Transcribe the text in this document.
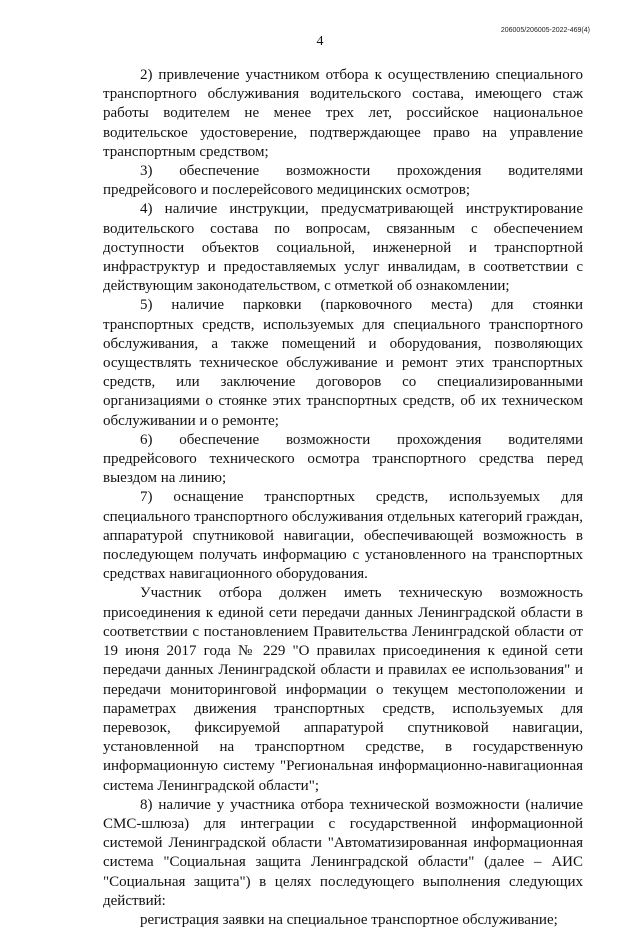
4
206005/206005-2022-469(4)

2) привлечение участником отбора к осуществлению специального транспортного обслуживания водительского состава, имеющего стаж работы водителем не менее трех лет, российское национальное водительское удостоверение, подтверждающее право на управление транспортным средством;

3) обеспечение возможности прохождения водителями предрейсового и послерейсового медицинских осмотров;

4) наличие инструкции, предусматривающей инструктирование водительского состава по вопросам, связанным с обеспечением доступности объектов социальной, инженерной и транспортной инфраструктур и предоставляемых услуг инвалидам, в соответствии с действующим законодательством, с отметкой об ознакомлении;

5) наличие парковки (парковочного места) для стоянки транспортных средств, используемых для специального транспортного обслуживания, а также помещений и оборудования, позволяющих осуществлять техническое обслуживание и ремонт этих транспортных средств, или заключение договоров со специализированными организациями о стоянке этих транспортных средств, об их техническом обслуживании и о ремонте;

6) обеспечение возможности прохождения водителями предрейсового технического осмотра транспортного средства перед выездом на линию;

7) оснащение транспортных средств, используемых для специального транспортного обслуживания отдельных категорий граждан, аппаратурой спутниковой навигации, обеспечивающей возможность в последующем получать информацию с установленного на транспортных средствах навигационного оборудования.

Участник отбора должен иметь техническую возможность присоединения к единой сети передачи данных Ленинградской области в соответствии с постановлением Правительства Ленинградской области от 19 июня 2017 года № 229 "О правилах присоединения к единой сети передачи данных Ленинградской области и правилах ее использования" и передачи мониторинговой информации о текущем местоположении и параметрах движения транспортных средств, используемых для перевозок, фиксируемой аппаратурой спутниковой навигации, установленной на транспортном средстве, в государственную информационную систему "Региональная информационно-навигационная система Ленинградской области";

8) наличие у участника отбора технической возможности (наличие СМС-шлюза) для интеграции с государственной информационной системой Ленинградской области "Автоматизированная информационная система "Социальная защита Ленинградской области" (далее – АИС "Социальная защита") в целях последующего выполнения следующих действий:

регистрация заявки на специальное транспортное обслуживание;
